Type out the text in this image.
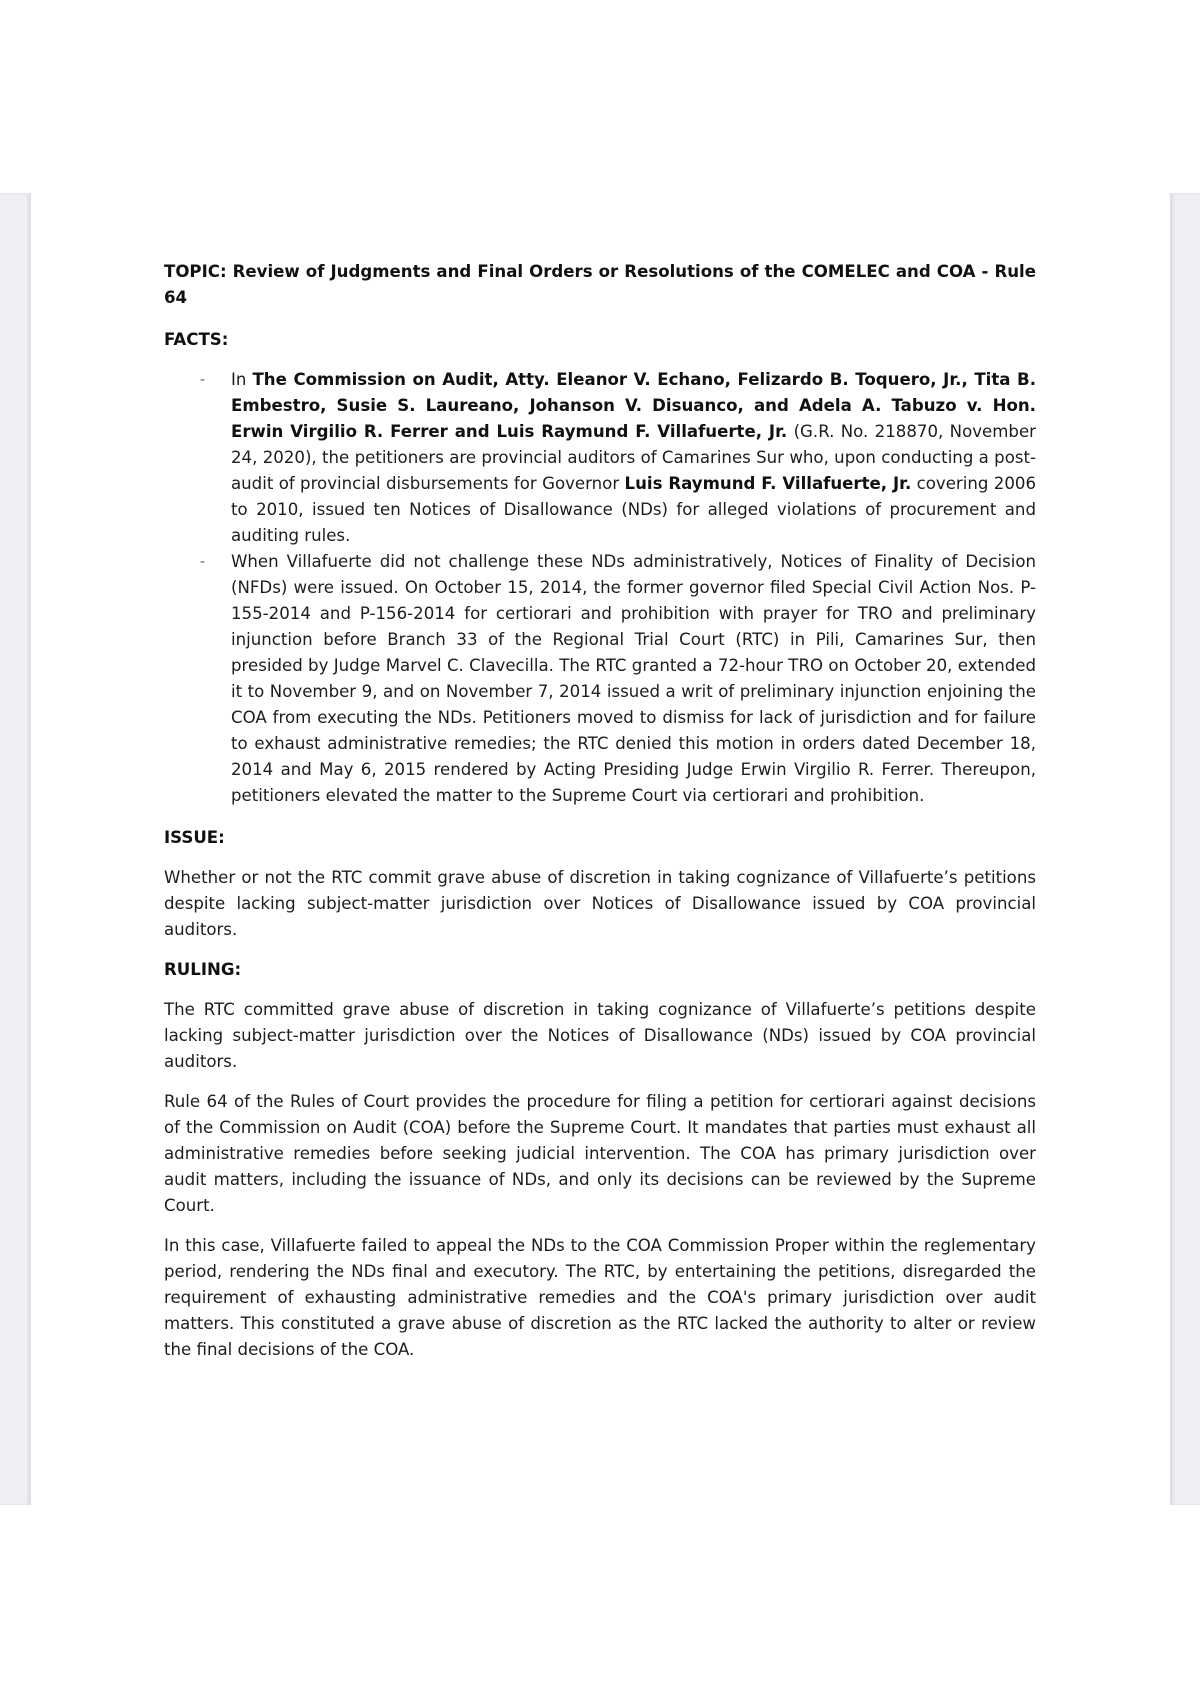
TOPIC: Review of Judgments and Final Orders or Resolutions of the COMELEC and COA - Rule 64

FACTS:

- In The Commission on Audit, Atty. Eleanor V. Echano, Felizardo B. Toquero, Jr., Tita B. Embestro, Susie S. Laureano, Johanson V. Disuanco, and Adela A. Tabuzo v. Hon. Erwin Virgilio R. Ferrer and Luis Raymund F. Villafuerte, Jr. (G.R. No. 218870, November 24, 2020), the petitioners are provincial auditors of Camarines Sur who, upon conducting a post-audit of provincial disbursements for Governor Luis Raymund F. Villafuerte, Jr. covering 2006 to 2010, issued ten Notices of Disallowance (NDs) for alleged violations of procurement and auditing rules.
- When Villafuerte did not challenge these NDs administratively, Notices of Finality of Decision (NFDs) were issued. On October 15, 2014, the former governor filed Special Civil Action Nos. P-155-2014 and P-156-2014 for certiorari and prohibition with prayer for TRO and preliminary injunction before Branch 33 of the Regional Trial Court (RTC) in Pili, Camarines Sur, then presided by Judge Marvel C. Clavecilla. The RTC granted a 72-hour TRO on October 20, extended it to November 9, and on November 7, 2014 issued a writ of preliminary injunction enjoining the COA from executing the NDs. Petitioners moved to dismiss for lack of jurisdiction and for failure to exhaust administrative remedies; the RTC denied this motion in orders dated December 18, 2014 and May 6, 2015 rendered by Acting Presiding Judge Erwin Virgilio R. Ferrer. Thereupon, petitioners elevated the matter to the Supreme Court via certiorari and prohibition.

ISSUE:

Whether or not the RTC commit grave abuse of discretion in taking cognizance of Villafuerte’s petitions despite lacking subject-matter jurisdiction over Notices of Disallowance issued by COA provincial auditors.

RULING:

The RTC committed grave abuse of discretion in taking cognizance of Villafuerte’s petitions despite lacking subject-matter jurisdiction over the Notices of Disallowance (NDs) issued by COA provincial auditors.

Rule 64 of the Rules of Court provides the procedure for filing a petition for certiorari against decisions of the Commission on Audit (COA) before the Supreme Court. It mandates that parties must exhaust all administrative remedies before seeking judicial intervention. The COA has primary jurisdiction over audit matters, including the issuance of NDs, and only its decisions can be reviewed by the Supreme Court.

In this case, Villafuerte failed to appeal the NDs to the COA Commission Proper within the reglementary period, rendering the NDs final and executory. The RTC, by entertaining the petitions, disregarded the requirement of exhausting administrative remedies and the COA's primary jurisdiction over audit matters. This constituted a grave abuse of discretion as the RTC lacked the authority to alter or review the final decisions of the COA.
